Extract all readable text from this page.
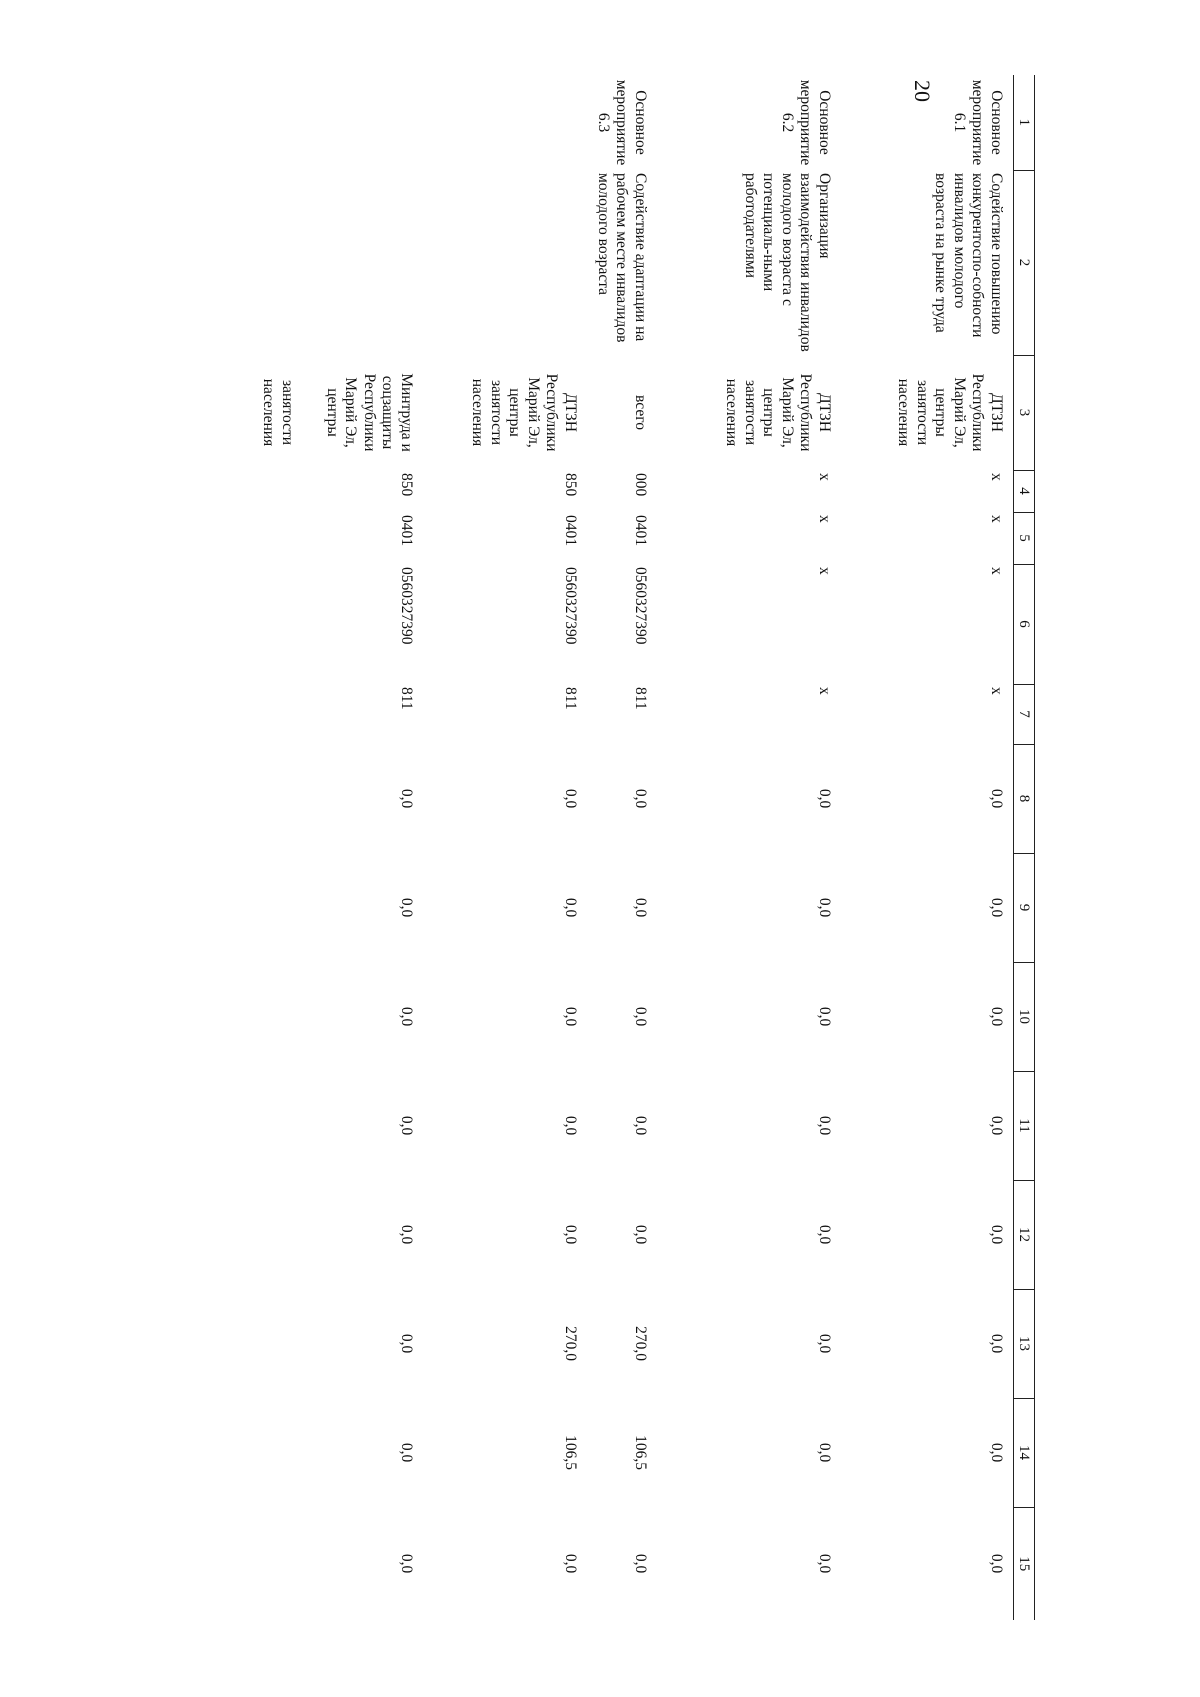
20
1	2	3	4	5	6	7	8	9	10	11	12	13	14	15
Основное мероприятие 6.1	Содействие повышению конкурентоспо-собности инвалидов молодого возраста на рынке труда	ДТЗН Республики Марий Эл, центры занятости населения	х	х	х	х	0,0	0,0	0,0	0,0	0,0	0,0	0,0	0,0
Основное мероприятие 6.2	Организация взаимодействия инвалидов молодого возраста с потенциаль-ными работодателями	ДТЗН Республики Марий Эл, центры занятости населения	х	х	х	х	0,0	0,0	0,0	0,0	0,0	0,0	0,0	0,0
Основное мероприятие 6.3	Содействие адаптации на рабочем месте инвалидов молодого возраста	всего	000	0401	0560327390	811	0,0	0,0	0,0	0,0	0,0	270,0	106,5	0,0
		ДТЗН Республики Марий Эл, центры занятости населения	850	0401	0560327390	811	0,0	0,0	0,0	0,0	0,0	270,0	106,5	0,0
		Минтруда и соцзащиты Республики Марий Эл, центры
занятости населения	850	0401	0560327390	811	0,0	0,0	0,0	0,0	0,0	0,0	0,0	0,0
